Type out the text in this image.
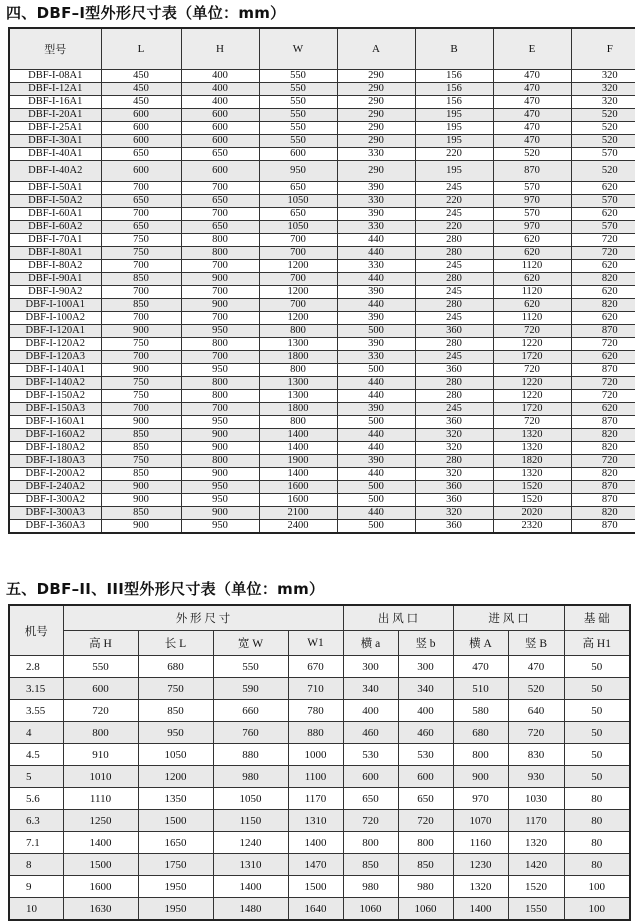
四、DBF–I型外形尺寸表（单位：mm）
型号	L	H	W	A	B	E	F
DBF-I-08A1	450	400	550	290	156	470	320
DBF-I-12A1	450	400	550	290	156	470	320
DBF-I-16A1	450	400	550	290	156	470	320
DBF-I-20A1	600	600	550	290	195	470	520
DBF-I-25A1	600	600	550	290	195	470	520
DBF-I-30A1	600	600	550	290	195	470	520
DBF-I-40A1	650	650	600	330	220	520	570
DBF-I-40A2	600	600	950	290	195	870	520
DBF-I-50A1	700	700	650	390	245	570	620
DBF-I-50A2	650	650	1050	330	220	970	570
DBF-I-60A1	700	700	650	390	245	570	620
DBF-I-60A2	650	650	1050	330	220	970	570
DBF-I-70A1	750	800	700	440	280	620	720
DBF-I-80A1	750	800	700	440	280	620	720
DBF-I-80A2	700	700	1200	330	245	1120	620
DBF-I-90A1	850	900	700	440	280	620	820
DBF-I-90A2	700	700	1200	390	245	1120	620
DBF-I-100A1	850	900	700	440	280	620	820
DBF-I-100A2	700	700	1200	390	245	1120	620
DBF-I-120A1	900	950	800	500	360	720	870
DBF-I-120A2	750	800	1300	390	280	1220	720
DBF-I-120A3	700	700	1800	330	245	1720	620
DBF-I-140A1	900	950	800	500	360	720	870
DBF-I-140A2	750	800	1300	440	280	1220	720
DBF-I-150A2	750	800	1300	440	280	1220	720
DBF-I-150A3	700	700	1800	390	245	1720	620
DBF-I-160A1	900	950	800	500	360	720	870
DBF-I-160A2	850	900	1400	440	320	1320	820
DBF-I-180A2	850	900	1400	440	320	1320	820
DBF-I-180A3	750	800	1900	390	280	1820	720
DBF-I-200A2	850	900	1400	440	320	1320	820
DBF-I-240A2	900	950	1600	500	360	1520	870
DBF-I-300A2	900	950	1600	500	360	1520	870
DBF-I-300A3	850	900	2100	440	320	2020	820
DBF-I-360A3	900	950	2400	500	360	2320	870
五、DBF–II、III型外形尺寸表（单位：mm）
机号	外 形 尺 寸				出 风 口		进 风 口		基 础
	高 H	长 L	宽 W	W1	横 a	竖 b	横 A	竖 B	高 H1
2.8	550	680	550	670	300	300	470	470	50
3.15	600	750	590	710	340	340	510	520	50
3.55	720	850	660	780	400	400	580	640	50
4	800	950	760	880	460	460	680	720	50
4.5	910	1050	880	1000	530	530	800	830	50
5	1010	1200	980	1100	600	600	900	930	50
5.6	1110	1350	1050	1170	650	650	970	1030	80
6.3	1250	1500	1150	1310	720	720	1070	1170	80
7.1	1400	1650	1240	1400	800	800	1160	1320	80
8	1500	1750	1310	1470	850	850	1230	1420	80
9	1600	1950	1400	1500	980	980	1320	1520	100
10	1630	1950	1480	1640	1060	1060	1400	1550	100
